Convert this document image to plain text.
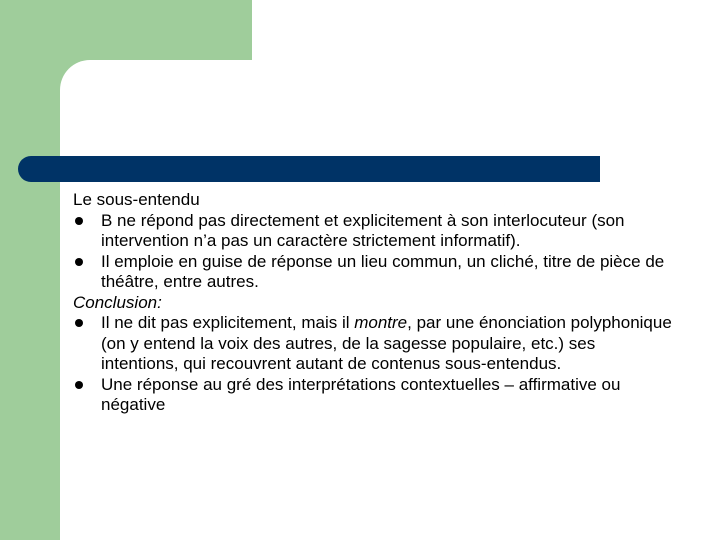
Le sous-entendu

B ne répond pas directement et explicitement à son interlocuteur (son intervention n’a pas un caractère strictement informatif).

Il emploie en guise de réponse un lieu commun, un cliché, titre de pièce de théâtre, entre autres.

Conclusion:

Il ne dit pas explicitement, mais il montre, par une énonciation polyphonique (on y entend la voix des autres, de la sagesse populaire, etc.) ses intentions, qui recouvrent autant de contenus sous-entendus.

Une réponse au gré des interprétations contextuelles – affirmative ou négative
